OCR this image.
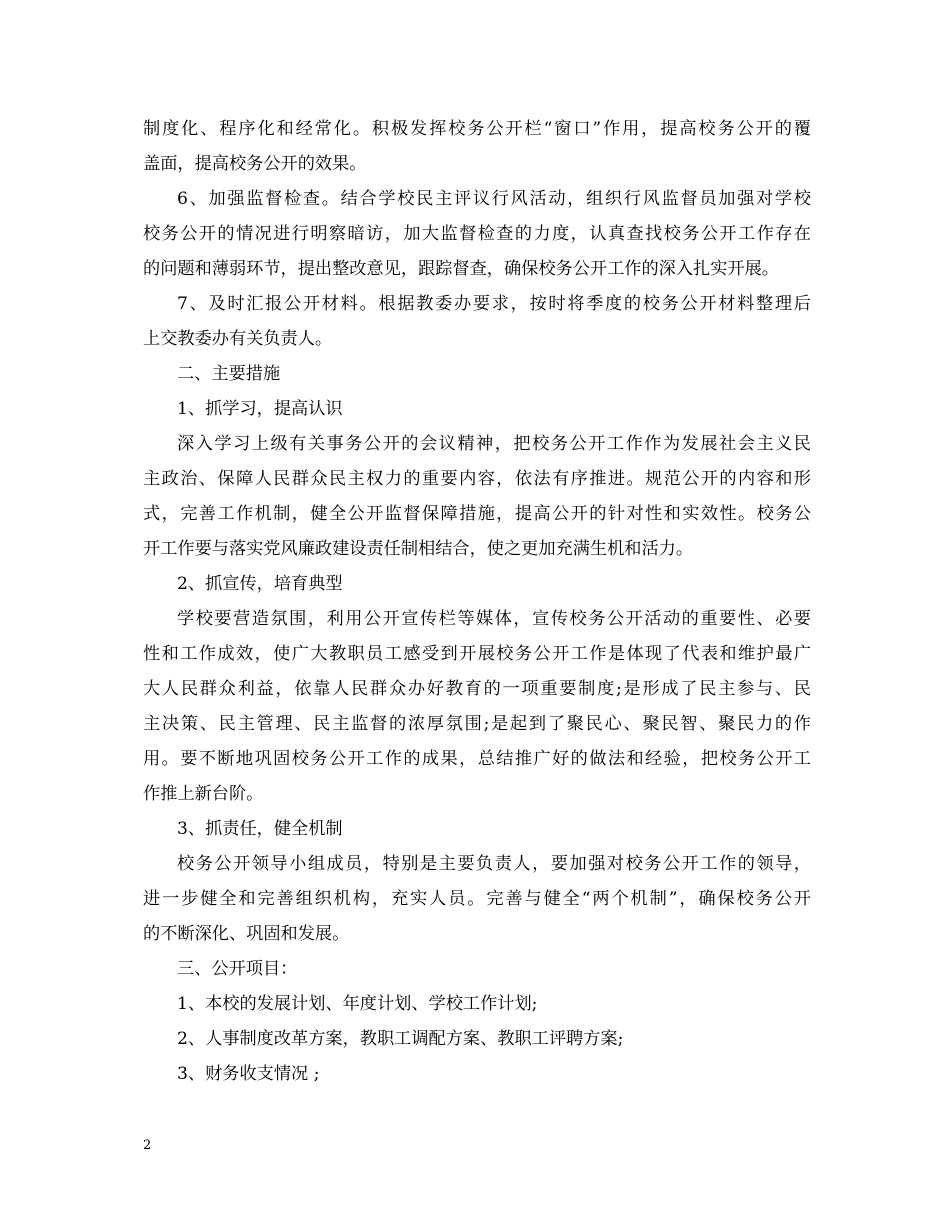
制度化、程序化和经常化。积极发挥校务公开栏“窗口”作用，提高校务公开的覆
盖面，提高校务公开的效果。
6、加强监督检查。结合学校民主评议行风活动，组织行风监督员加强对学校
校务公开的情况进行明察暗访，加大监督检查的力度，认真查找校务公开工作存在
的问题和薄弱环节，提出整改意见，跟踪督查，确保校务公开工作的深入扎实开展。
7、及时汇报公开材料。根据教委办要求，按时将季度的校务公开材料整理后
上交教委办有关负责人。
二、主要措施
1、抓学习，提高认识
深入学习上级有关事务公开的会议精神，把校务公开工作作为发展社会主义民
主政治、保障人民群众民主权力的重要内容，依法有序推进。规范公开的内容和形
式，完善工作机制，健全公开监督保障措施，提高公开的针对性和实效性。校务公
开工作要与落实党风廉政建设责任制相结合，使之更加充满生机和活力。
2、抓宣传，培育典型
学校要营造氛围，利用公开宣传栏等媒体，宣传校务公开活动的重要性、必要
性和工作成效，使广大教职员工感受到开展校务公开工作是体现了代表和维护最广
大人民群众利益，依靠人民群众办好教育的一项重要制度;是形成了民主参与、民
主决策、民主管理、民主监督的浓厚氛围;是起到了聚民心、聚民智、聚民力的作
用。要不断地巩固校务公开工作的成果，总结推广好的做法和经验，把校务公开工
作推上新台阶。
3、抓责任，健全机制
校务公开领导小组成员，特别是主要负责人，要加强对校务公开工作的领导，
进一步健全和完善组织机构，充实人员。完善与健全“两个机制”，确保校务公开
的不断深化、巩固和发展。
三、公开项目：
1、本校的发展计划、年度计划、学校工作计划;
2、人事制度改革方案，教职工调配方案、教职工评聘方案;
3、财务收支情况 ;
2
